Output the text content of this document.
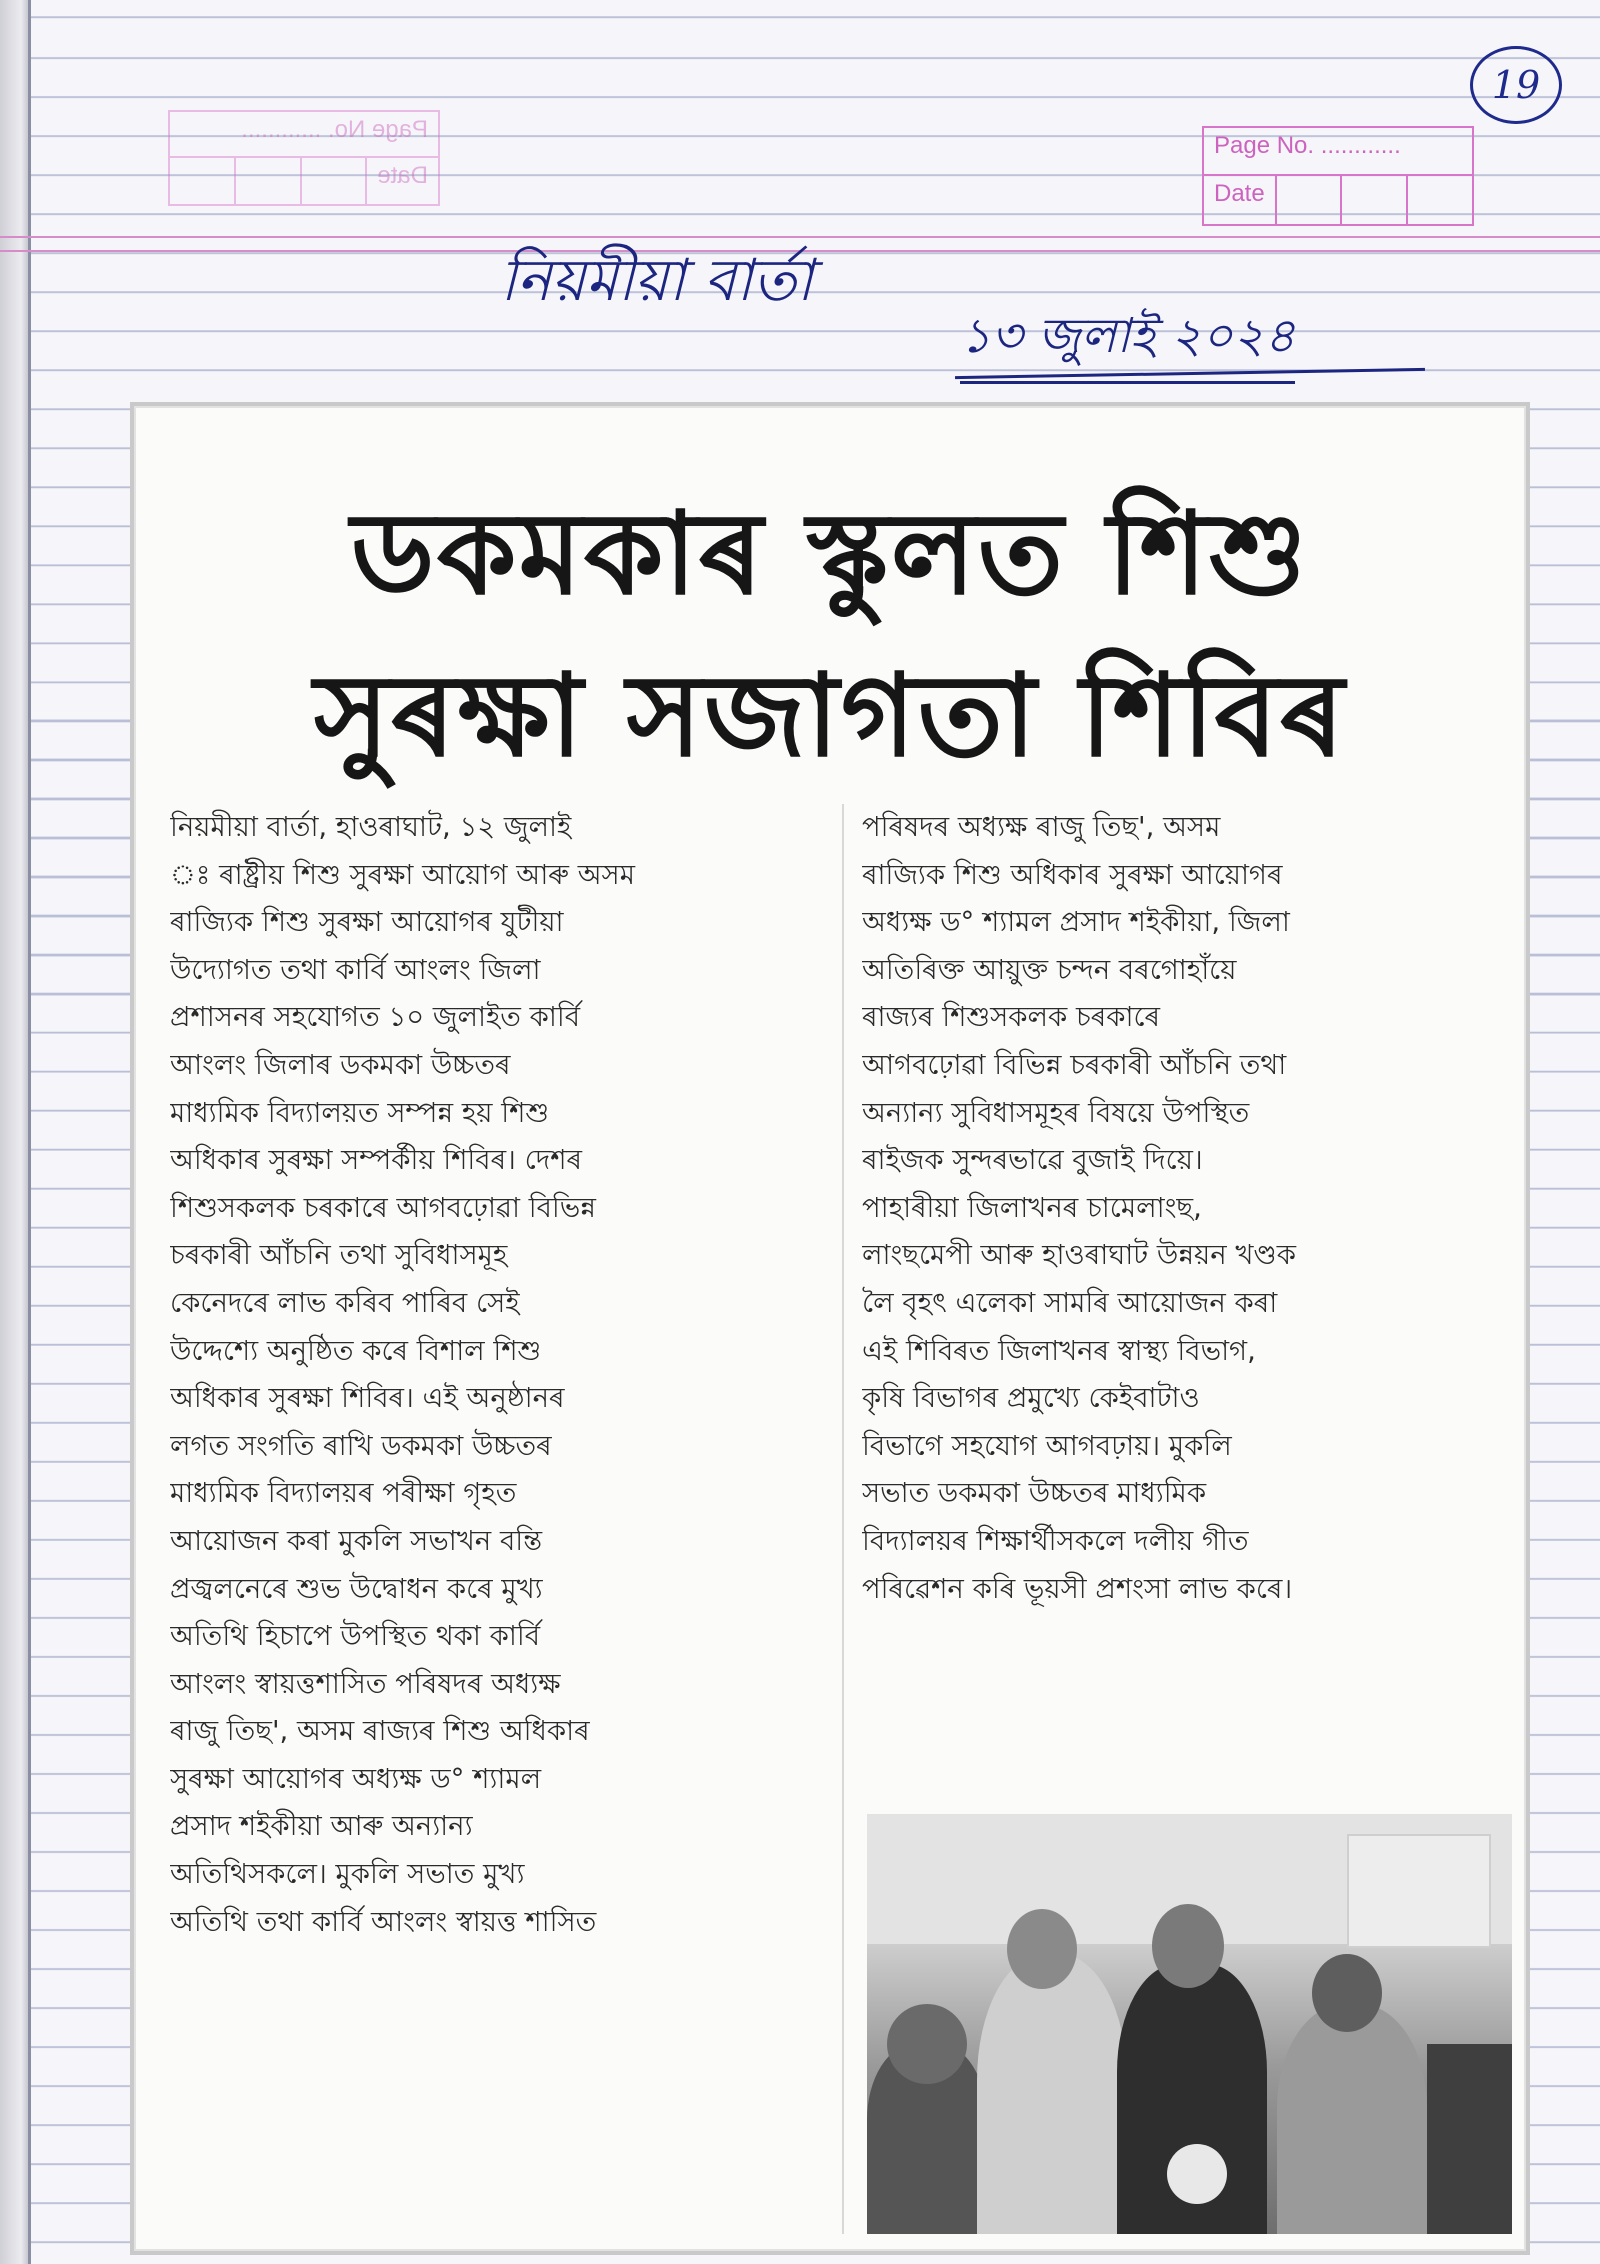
Page No. ............
Date
Page No. ............
Date
19
নিয়মীয়া বাৰ্তা
১৩ জুলাই ২০২৪
ডকমকাৰ স্কুলত শিশু
সুৰক্ষা সজাগতা শিবিৰ
নিয়মীয়া বাৰ্তা, হাওৰাঘাট, ১২ জুলাই
ঃ ৰাষ্ট্ৰীয় শিশু সুৰক্ষা আয়োগ আৰু অসম
ৰাজ্যিক শিশু সুৰক্ষা আয়োগৰ যুটীয়া
উদ্যোগত তথা কাৰ্বি আংলং জিলা
প্ৰশাসনৰ সহযোগত ১০ জুলাইত কাৰ্বি
আংলং জিলাৰ ডকমকা উচ্চতৰ
মাধ্যমিক বিদ্যালয়ত সম্পন্ন হয় শিশু
অধিকাৰ সুৰক্ষা সম্পৰ্কীয় শিবিৰ। দেশৰ
শিশুসকলক চৰকাৰে আগবঢ়োৱা বিভিন্ন
চৰকাৰী আঁচনি তথা সুবিধাসমূহ
কেনেদৰে লাভ কৰিব পাৰিব সেই
উদ্দেশ্যে অনুষ্ঠিত কৰে বিশাল শিশু
অধিকাৰ সুৰক্ষা শিবিৰ। এই অনুষ্ঠানৰ
লগত সংগতি ৰাখি ডকমকা উচ্চতৰ
মাধ্যমিক বিদ্যালয়ৰ পৰীক্ষা গৃহত
আয়োজন কৰা মুকলি সভাখন বন্তি
প্ৰজ্বলনেৰে শুভ উদ্বোধন কৰে মুখ্য
অতিথি হিচাপে উপস্থিত থকা কাৰ্বি
আংলং স্বায়ত্তশাসিত পৰিষদৰ অধ্যক্ষ
ৰাজু তিছ', অসম ৰাজ্যৰ শিশু অধিকাৰ
সুৰক্ষা আয়োগৰ অধ্যক্ষ ড° শ্যামল
প্ৰসাদ শইকীয়া আৰু অন্যান্য
অতিথিসকলে। মুকলি সভাত মুখ্য
অতিথি তথা কাৰ্বি আংলং স্বায়ত্ত শাসিত
পৰিষদৰ অধ্যক্ষ ৰাজু তিছ', অসম
ৰাজ্যিক শিশু অধিকাৰ সুৰক্ষা আয়োগৰ
অধ্যক্ষ ড° শ্যামল প্ৰসাদ শইকীয়া, জিলা
অতিৰিক্ত আয়ুক্ত চন্দন বৰগোহাঁয়ে
ৰাজ্যৰ শিশুসকলক চৰকাৰে
আগবঢ়োৱা বিভিন্ন চৰকাৰী আঁচনি তথা
অন্যান্য সুবিধাসমূহৰ বিষয়ে উপস্থিত
ৰাইজক সুন্দৰভাৱে বুজাই দিয়ে।
পাহাৰীয়া জিলাখনৰ চামেলাংছ,
লাংছমেপী আৰু হাওৰাঘাট উন্নয়ন খণ্ডক
লৈ বৃহৎ এলেকা সামৰি আয়োজন কৰা
এই শিবিৰত জিলাখনৰ স্বাস্থ্য বিভাগ,
কৃষি বিভাগৰ প্ৰমুখ্যে কেইবাটাও
বিভাগে সহযোগ আগবঢ়ায়। মুকলি
সভাত ডকমকা উচ্চতৰ মাধ্যমিক
বিদ্যালয়ৰ শিক্ষাৰ্থীসকলে দলীয় গীত
পৰিৱেশন কৰি ভূয়সী প্ৰশংসা লাভ কৰে।
